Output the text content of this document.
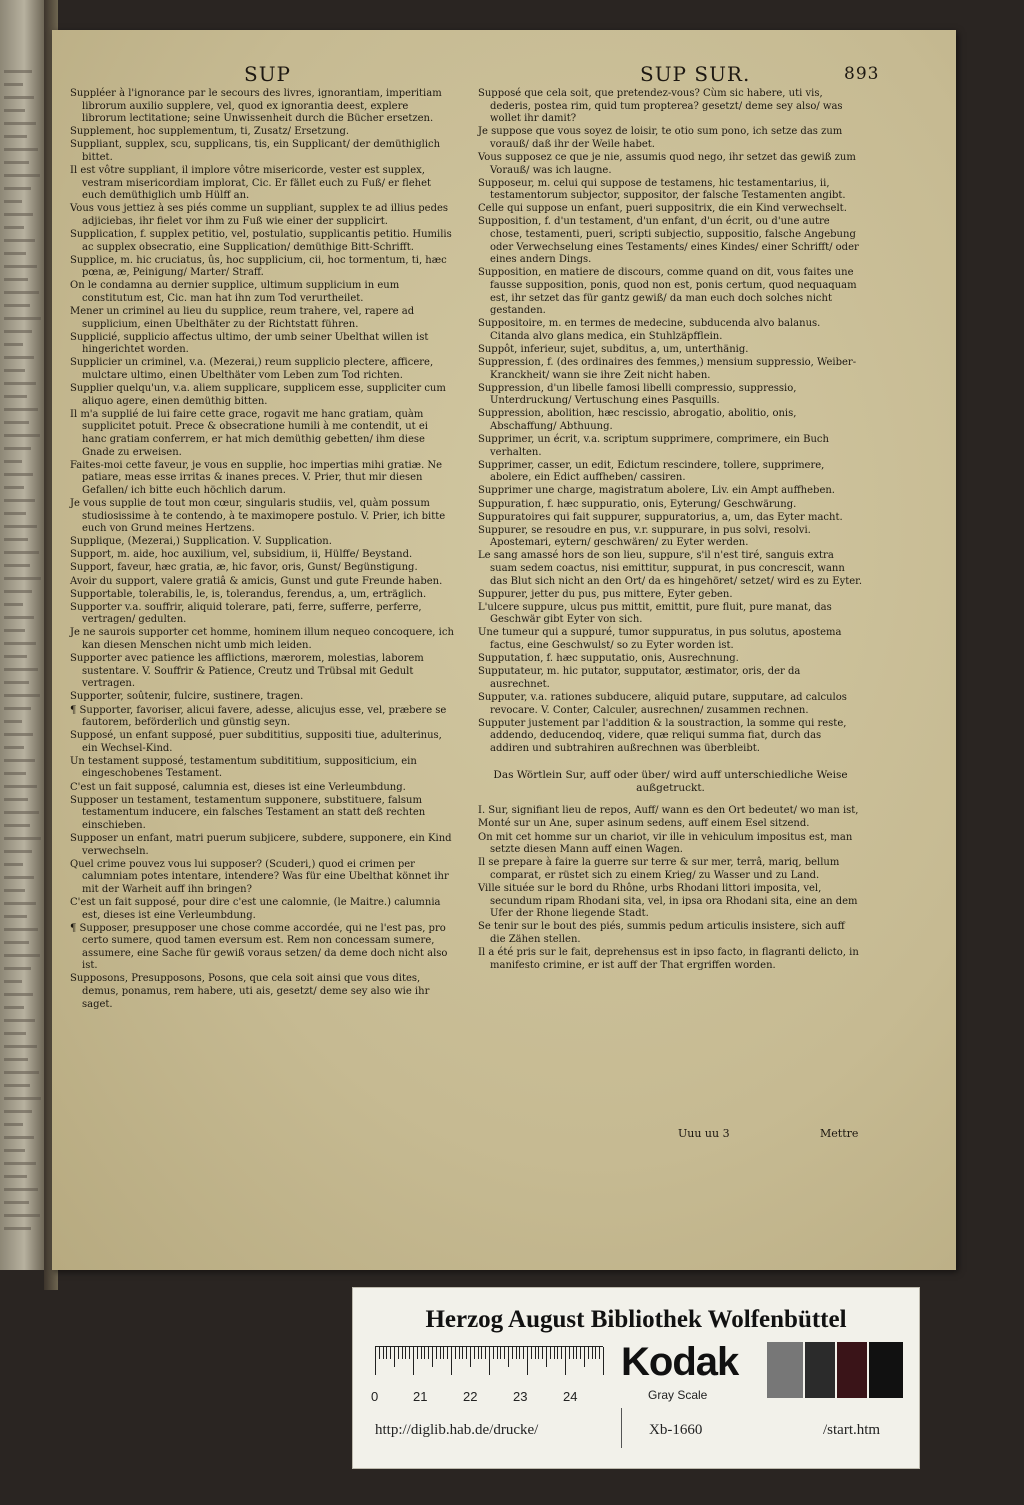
SUP	SUP SUR.	893
Suppléer à l'ignorance par le secours des livres, ignorantiam, imperitiam librorum auxilio supplere, vel, quod ex ignorantia deest, explere librorum lectitatione; seine Unwissenheit durch die Bücher ersetzen.
Supplement, hoc supplementum, ti, Zusatz/ Ersetzung.
Suppliant, supplex, scu, supplicans, tis, ein Supplicant/ der demüthiglich bittet.
Il est vôtre suppliant, il implore vôtre misericorde, vester est supplex, vestram misericordiam implorat, Cic. Er fället euch zu Fuß/ er flehet euch demüthiglich umb Hülff an.
Vous vous jettiez à ses piés comme un suppliant, supplex te ad illius pedes adjiciebas, ihr fielet vor ihm zu Fuß wie einer der supplicirt.
Supplication, f. supplex petitio, vel, postulatio, supplicantis petitio. Humilis ac supplex obsecratio, eine Supplication/ demüthige Bitt-Schrifft.
Supplice, m. hic cruciatus, ûs, hoc supplicium, cii, hoc tormentum, ti, hæc pœna, æ, Peinigung/ Marter/ Straff.
On le condamna au dernier supplice, ultimum supplicium in eum constitutum est, Cic. man hat ihn zum Tod verurtheilet.
Mener un criminel au lieu du supplice, reum trahere, vel, rapere ad supplicium, einen Ubelthäter zu der Richtstatt führen.
Supplicié, supplicio affectus ultimo, der umb seiner Ubelthat willen ist hingerichtet worden.
Supplicier un criminel, v.a. (Mezerai,) reum supplicio plectere, afficere, mulctare ultimo, einen Ubelthäter vom Leben zum Tod richten.
Supplier quelqu'un, v.a. aliem supplicare, supplicem esse, suppliciter cum aliquo agere, einen demüthig bitten.
Il m'a supplié de lui faire cette grace, rogavit me hanc gratiam, quàm supplicitet potuit. Prece & obsecratione humili à me contendit, ut ei hanc gratiam conferrem, er hat mich demüthig gebetten/ ihm diese Gnade zu erweisen.
Faites-moi cette faveur, je vous en supplie, hoc impertias mihi gratiæ. Ne patiare, meas esse irritas & inanes preces. V. Prier, thut mir diesen Gefallen/ ich bitte euch höchlich darum.
Je vous supplie de tout mon cœur, singularis studiis, vel, quàm possum studiosissime à te contendo, à te maximopere postulo. V. Prier, ich bitte euch von Grund meines Hertzens.
Supplique, (Mezerai,) Supplication. V. Supplication.
Support, m. aide, hoc auxilium, vel, subsidium, ii, Hülffe/ Beystand.
Support, faveur, hæc gratia, æ, hic favor, oris, Gunst/ Begünstigung.
Avoir du support, valere gratiâ & amicis, Gunst und gute Freunde haben.
Supportable, tolerabilis, le, is, tolerandus, ferendus, a, um, erträglich.
Supporter v.a. souffrir, aliquid tolerare, pati, ferre, sufferre, perferre, vertragen/ gedulten.
Je ne saurois supporter cet homme, hominem illum nequeo concoquere, ich kan diesen Menschen nicht umb mich leiden.
Supporter avec patience les afflictions, mærorem, molestias, laborem sustentare. V. Souffrir & Patience, Creutz und Trübsal mit Gedult vertragen.
Supporter, soûtenir, fulcire, sustinere, tragen.
¶ Supporter, favoriser, alicui favere, adesse, alicujus esse, vel, præbere se fautorem, beförderlich und günstig seyn.
Supposé, un enfant supposé, puer subdititius, suppositi tiue, adulterinus, ein Wechsel-Kind.
Un testament supposé, testamentum subdititium, suppositicium, ein eingeschobenes Testament.
C'est un fait supposé, calumnia est, dieses ist eine Verleumbdung.
Supposer un testament, testamentum supponere, substituere, falsum testamentum inducere, ein falsches Testament an statt deß rechten einschieben.
Supposer un enfant, matri puerum subjicere, subdere, supponere, ein Kind verwechseln.
Quel crime pouvez vous lui supposer? (Scuderi,) quod ei crimen per calumniam potes intentare, intendere? Was für eine Ubelthat könnet ihr mit der Warheit auff ihn bringen?
C'est un fait supposé, pour dire c'est une calomnie, (le Maitre.) calumnia est, dieses ist eine Verleumbdung.
¶ Supposer, presupposer une chose comme accordée, qui ne l'est pas, pro certo sumere, quod tamen eversum est. Rem non concessam sumere, assumere, eine Sache für gewiß voraus setzen/ da deme doch nicht also ist.
Supposons, Presupposons, Posons, que cela soit ainsi que vous dites, demus, ponamus, rem habere, uti ais, gesetzt/ deme sey also wie ihr saget.
Supposé que cela soit, que pretendez-vous? Cùm sic habere, uti vis, dederis, postea rim, quid tum propterea? gesetzt/ deme sey also/ was wollet ihr damit?
Je suppose que vous soyez de loisir, te otio sum pono, ich setze das zum vorauß/ daß ihr der Weile habet.
Vous supposez ce que je nie, assumis quod nego, ihr setzet das gewiß zum Vorauß/ was ich laugne.
Supposeur, m. celui qui suppose de testamens, hic testamentarius, ii, testamentorum subjector, suppositor, der falsche Testamenten angibt.
Celle qui suppose un enfant, pueri suppositrix, die ein Kind verwechselt.
Supposition, f. d'un testament, d'un enfant, d'un écrit, ou d'une autre chose, testamenti, pueri, scripti subjectio, suppositio, falsche Angebung oder Verwechselung eines Testaments/ eines Kindes/ einer Schrifft/ oder eines andern Dings.
Supposition, en matiere de discours, comme quand on dit, vous faites une fausse supposition, ponis, quod non est, ponis certum, quod nequaquam est, ihr setzet das für gantz gewiß/ da man euch doch solches nicht gestanden.
Suppositoire, m. en termes de medecine, subducenda alvo balanus. Citanda alvo glans medica, ein Stuhlzäpfflein.
Suppôt, inferieur, sujet, subditus, a, um, unterthänig.
Suppression, f. (des ordinaires des femmes,) mensium suppressio, Weiber-Kranckheit/ wann sie ihre Zeit nicht haben.
Suppression, d'un libelle famosi libelli compressio, suppressio, Unterdruckung/ Vertuschung eines Pasquills.
Suppression, abolition, hæc rescissio, abrogatio, abolitio, onis, Abschaffung/ Abthuung.
Supprimer, un écrit, v.a. scriptum supprimere, comprimere, ein Buch verhalten.
Supprimer, casser, un edit, Edictum rescindere, tollere, supprimere, abolere, ein Edict auffheben/ cassiren.
Supprimer une charge, magistratum abolere, Liv. ein Ampt auffheben.
Suppuration, f. hæc suppuratio, onis, Eyterung/ Geschwärung.
Suppuratoires qui fait suppurer, suppuratorius, a, um, das Eyter macht.
Suppurer, se resoudre en pus, v.r. suppurare, in pus solvi, resolvi. Apostemari, eytern/ geschwären/ zu Eyter werden.
Le sang amassé hors de son lieu, suppure, s'il n'est tiré, sanguis extra suam sedem coactus, nisi emittitur, suppurat, in pus concrescit, wann das Blut sich nicht an den Ort/ da es hingehöret/ setzet/ wird es zu Eyter.
Suppurer, jetter du pus, pus mittere, Eyter geben.
L'ulcere suppure, ulcus pus mittit, emittit, pure fluit, pure manat, das Geschwär gibt Eyter von sich.
Une tumeur qui a suppuré, tumor suppuratus, in pus solutus, apostema factus, eine Geschwulst/ so zu Eyter worden ist.
Supputation, f. hæc supputatio, onis, Ausrechnung.
Supputateur, m. hic putator, supputator, æstimator, oris, der da ausrechnet.
Supputer, v.a. rationes subducere, aliquid putare, supputare, ad calculos revocare. V. Conter, Calculer, ausrechnen/ zusammen rechnen.
Supputer justement par l'addition & la soustraction, la somme qui reste, addendo, deducendoq, videre, quæ reliqui summa fiat, durch das addiren und subtrahiren außrechnen was überbleibt.
Das Wörtlein Sur, auff oder über/ wird auff unterschiedliche Weise außgetruckt.
I. Sur, signifiant lieu de repos, Auff/ wann es den Ort bedeutet/ wo man ist,
Monté sur un Ane, super asinum sedens, auff einem Esel sitzend.
On mit cet homme sur un chariot, vir ille in vehiculum impositus est, man setzte diesen Mann auff einen Wagen.
Il se prepare à faire la guerre sur terre & sur mer, terrâ, mariq, bellum comparat, er rüstet sich zu einem Krieg/ zu Wasser und zu Land.
Ville située sur le bord du Rhône, urbs Rhodani littori imposita, vel, secundum ripam Rhodani sita, vel, in ipsa ora Rhodani sita, eine an dem Ufer der Rhone liegende Stadt.
Se tenir sur le bout des piés, summis pedum articulis insistere, sich auff die Zähen stellen.
Il a été pris sur le fait, deprehensus est in ipso facto, in flagranti delicto, in manifesto crimine, er ist auff der That ergriffen worden.
Uuu uu 3	Mettre
Herzog August Bibliothek Wolfenbüttel
0	21	22	23	24
Kodak
Gray Scale
http://diglib.hab.de/drucke/	Xb-1660	/start.htm
